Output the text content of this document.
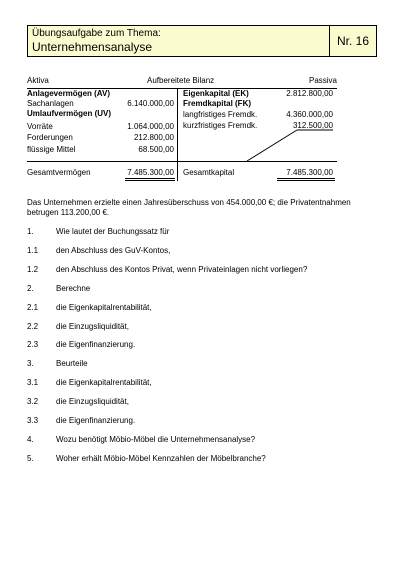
Übungsaufgabe zum Thema:
Unternehmensanalyse	Nr. 16
Aktiva	Aufbereitete Bilanz	Passiva
Anlagevermögen (AV)
Sachanlagen	6.140.000,00
Umlaufvermögen (UV)
Vorräte	1.064.000,00
Forderungen	212.800,00
flüssige Mittel	68.500,00
Eigenkapital (EK)	2.812.800,00
Fremdkapital (FK)
langfristiges Fremdk.	4.360.000,00
kurzfristiges Fremdk.	312.500,00
Gesamtvermögen	7.485.300,00 Gesamtkapital	7.485.300,00
Das Unternehmen erzielte einen Jahresüberschuss von 454.000,00 €; die Privatentnahmen betrugen 113.200,00 €.
1.	Wie lautet der Buchungssatz für
1.1 den Abschluss des GuV-Kontos,
1.2 den Abschluss des Kontos Privat, wenn Privateinlagen nicht vorliegen?
2.	Berechne
2.1 die Eigenkapitalrentabilität,
2.2 die Einzugsliquidität,
2.3 die Eigenfinanzierung.
3.	Beurteile
3.1 die Eigenkapitalrentabilität,
3.2 die Einzugsliquidität,
3.3 die Eigenfinanzierung.
4.	Wozu benötigt Möbio-Möbel die Unternehmensanalyse?
5.	Woher erhält Möbio-Möbel Kennzahlen der Möbelbranche?
